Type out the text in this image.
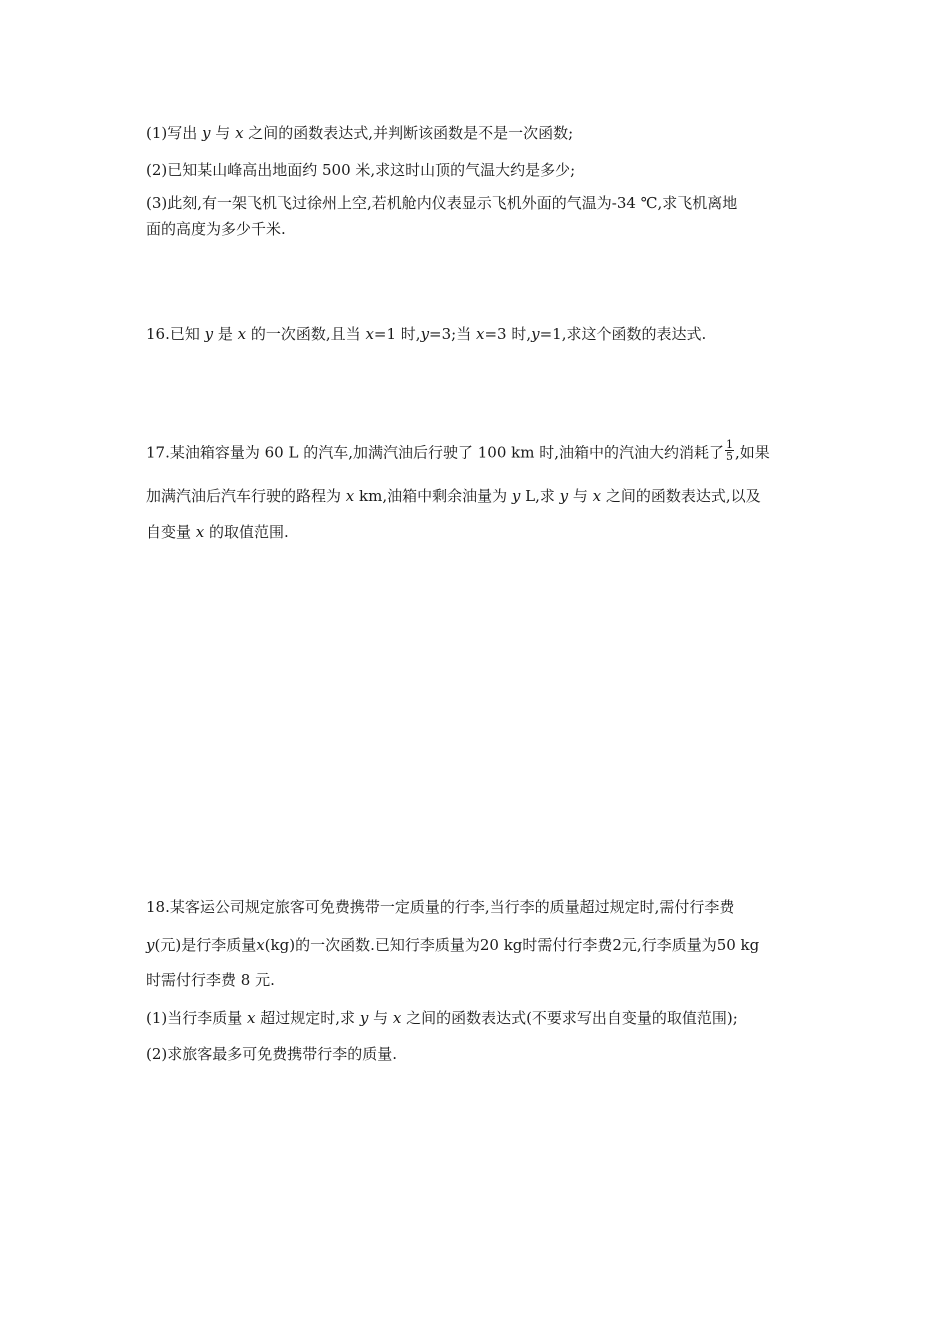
(1)写出 y 与 x 之间的函数表达式,并判断该函数是不是一次函数;

(2)已知某山峰高出地面约 500 米,求这时山顶的气温大约是多少;

(3)此刻,有一架飞机飞过徐州上空,若机舱内仪表显示飞机外面的气温为-34 ℃,求飞机离地

面的高度为多少千米.

16.已知 y 是 x 的一次函数,且当 x=1 时,y=3;当 x=3 时,y=1,求这个函数的表达式.

17.某油箱容量为 60 L 的汽车,加满汽油后行驶了 100 km 时,油箱中的汽油大约消耗了 $\frac{1}{5}$ ,如果

加满汽油后汽车行驶的路程为 x km,油箱中剩余油量为 y L,求 y 与 x 之间的函数表达式,以及

自变量 x 的取值范围.

18.某客运公司规定旅客可免费携带一定质量的行李,当行李的质量超过规定时,需付行李费

y(元)是行李质量x(kg)的一次函数.已知行李质量为20 kg时需付行李费2元,行李质量为50 kg

时需付行李费 8 元.

(1)当行李质量 x 超过规定时,求 y 与 x 之间的函数表达式(不要求写出自变量的取值范围);

(2)求旅客最多可免费携带行李的质量.
